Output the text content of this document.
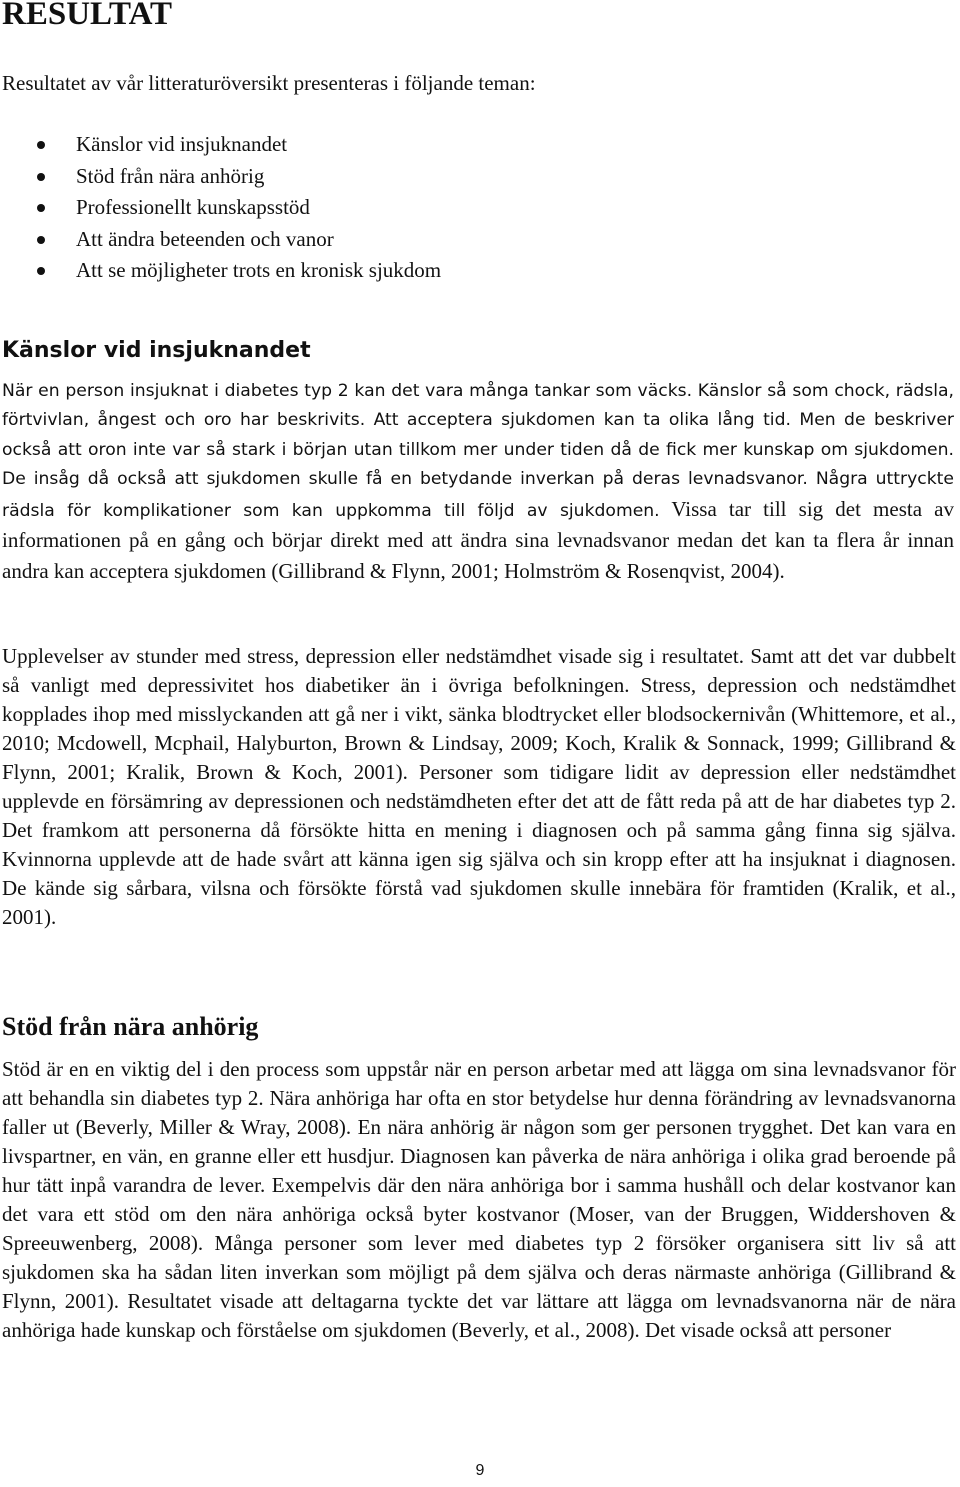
RESULTAT

Resultatet av vår litteraturöversikt presenteras i följande teman:

Känslor vid insjuknandet
Stöd från nära anhörig
Professionellt kunskapsstöd
Att ändra beteenden och vanor
Att se möjligheter trots en kronisk sjukdom
Känslor vid insjuknandet

När en person insjuknat i diabetes typ 2 kan det vara många tankar som väcks. Känslor så som chock, rädsla, förtvivlan, ångest och oro har beskrivits. Att acceptera sjukdomen kan ta olika lång tid. Men de beskriver också att oron inte var så stark i början utan tillkom mer under tiden då de fick mer kunskap om sjukdomen. De insåg då också att sjukdomen skulle få en betydande inverkan på deras levnadsvanor. Några uttryckte rädsla för komplikationer som kan uppkomma till följd av sjukdomen. Vissa tar till sig det mesta av informationen på en gång och börjar direkt med att ändra sina levnadsvanor medan det kan ta flera år innan andra kan acceptera sjukdomen (Gillibrand & Flynn, 2001; Holmström & Rosenqvist, 2004).

Upplevelser av stunder med stress, depression eller nedstämdhet visade sig i resultatet. Samt att det var dubbelt så vanligt med depressivitet hos diabetiker än i övriga befolkningen. Stress, depression och nedstämdhet kopplades ihop med misslyckanden att gå ner i vikt, sänka blodtrycket eller blodsockernivån (Whittemore, et al., 2010; Mcdowell, Mcphail, Halyburton, Brown & Lindsay, 2009; Koch, Kralik & Sonnack, 1999; Gillibrand & Flynn, 2001; Kralik, Brown & Koch, 2001). Personer som tidigare lidit av depression eller nedstämdhet upplevde en försämring av depressionen och nedstämdheten efter det att de fått reda på att de har diabetes typ 2. Det framkom att personerna då försökte hitta en mening i diagnosen och på samma gång finna sig själva. Kvinnorna upplevde att de hade svårt att känna igen sig själva och sin kropp efter att ha insjuknat i diagnosen. De kände sig sårbara, vilsna och försökte förstå vad sjukdomen skulle innebära för framtiden (Kralik, et al., 2001).

Stöd från nära anhörig

Stöd är en en viktig del i den process som uppstår när en person arbetar med att lägga om sina levnadsvanor för att behandla sin diabetes typ 2. Nära anhöriga har ofta en stor betydelse hur denna förändring av levnadsvanorna faller ut (Beverly, Miller & Wray, 2008). En nära anhörig är någon som ger personen trygghet. Det kan vara en livspartner, en vän, en granne eller ett husdjur. Diagnosen kan påverka de nära anhöriga i olika grad beroende på hur tätt inpå varandra de lever. Exempelvis där den nära anhöriga bor i samma hushåll och delar kostvanor kan det vara ett stöd om den nära anhöriga också byter kostvanor (Moser, van der Bruggen, Widdershoven & Spreeuwenberg, 2008). Många personer som lever med diabetes typ 2 försöker organisera sitt liv så att sjukdomen ska ha sådan liten inverkan som möjligt på dem själva och deras närmaste anhöriga (Gillibrand & Flynn, 2001). Resultatet visade att deltagarna tyckte det var lättare att lägga om levnadsvanorna när de nära anhöriga hade kunskap och förståelse om sjukdomen (Beverly, et al., 2008). Det visade också att personer

9
